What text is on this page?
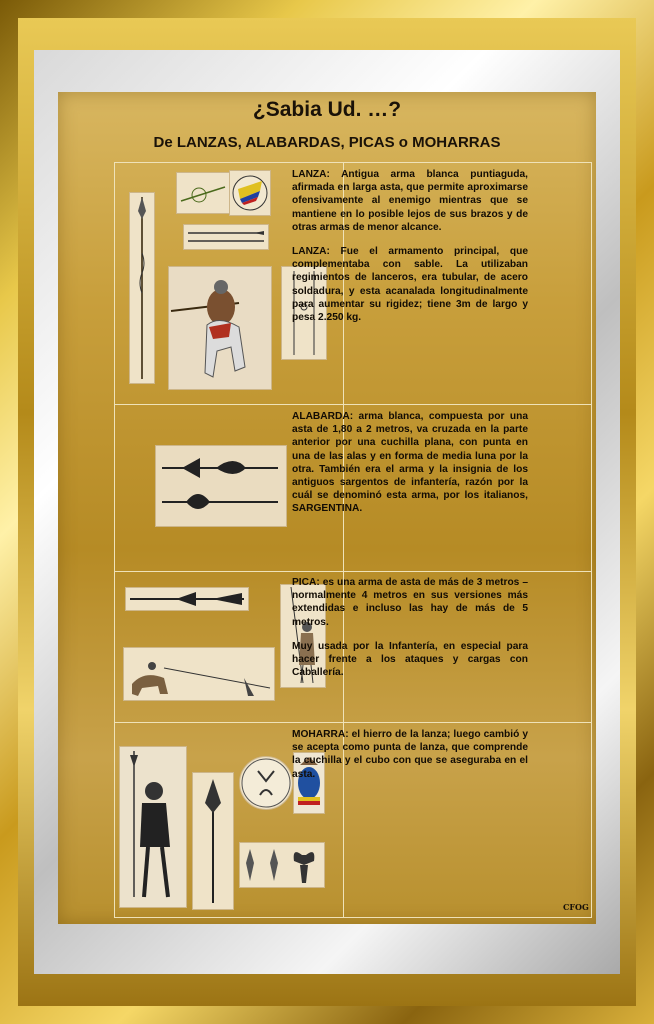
¿Sabia Ud. …?
De LANZAS, ALABARDAS, PICAS o MOHARRAS

LANZA: Antigua arma blanca puntiaguda, afirmada en larga asta, que permite aproximarse ofensivamente al enemigo mientras que se mantiene en lo posible lejos de sus brazos y de otras armas de menor alcance.

LANZA: Fue el armamento principal, que complementaba con sable. La utilizaban regimientos de lanceros, era tubular, de acero soldadura, y esta acanalada longitudinalmente para aumentar su rigidez; tiene 3m de largo y pesa 2.250 kg.

ALABARDA: arma blanca, compuesta por una asta de 1,80 a 2 metros, va cruzada en la parte anterior por una cuchilla plana, con punta en una de las alas y en forma de media luna por la otra. También era el arma y la insignia de los antiguos sargentos de infantería, razón por la cuál se denominó esta arma, por los italianos, SARGENTINA.

PICA: es una arma de asta de más de 3 metros – normalmente 4 metros en sus versiones más extendidas e incluso las hay de más de 5 metros.

Muy usada por la Infantería, en especial para hacer frente a los ataques y cargas con Caballería.

MOHARRA: el hierro de la lanza; luego cambió y se acepta como punta de lanza, que comprende la cuchilla y el cubo con que se aseguraba en el asta.

CFOG
